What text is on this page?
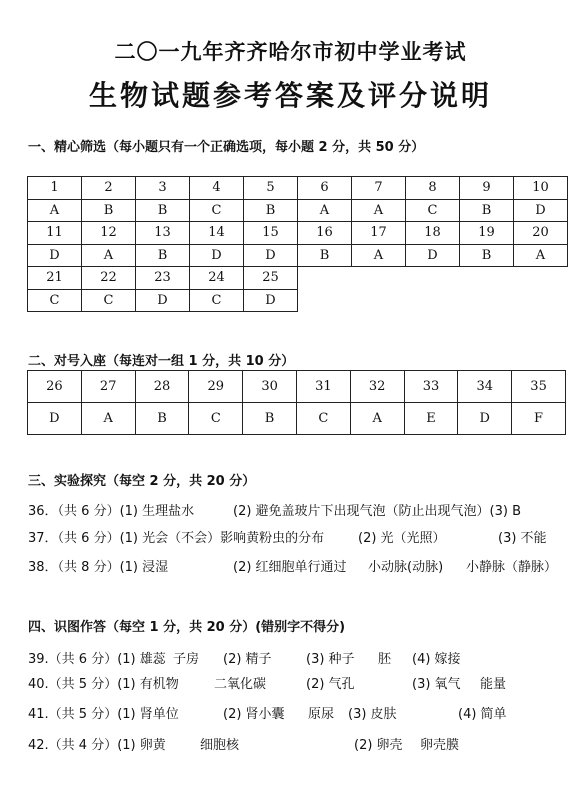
二〇一九年齐齐哈尔市初中学业考试
生物试题参考答案及评分说明
一、精心筛选（每小题只有一个正确选项，每小题 2 分，共 50 分）
1	2	3	4	5	6	7	8	9	10
A	B	B	C	B	A	A	C	B	D
11	12	13	14	15	16	17	18	19	20
D	A	B	D	D	B	A	D	B	A
21	22	23	24	25					
C	C	D	C	D					
二、对号入座（每连对一组 1 分，共 10 分）
26	27	28	29	30	31	32	33	34	35
D	A	B	C	B	C	A	E	D	F
三、实验探究（每空 2 分，共 20 分）
36．（共 6 分）(1) 生理盐水	(2) 避免盖玻片下出现气泡（防止出现气泡）(3) B
37．（共 6 分）(1) 光会（不会）影响黄粉虫的分布	(2) 光（光照）	(3) 不能
38．（共 8 分）(1) 浸湿	(2) 红细胞单行通过 小动脉(动脉) 小静脉（静脉）
四、识图作答（每空 1 分，共 20 分）(错别字不得分)
39.（共 6 分）(1) 雄蕊 子房 (2) 精子	(3) 种子 胚 (4) 嫁接
40.（共 5 分）(1) 有机物	二氧化碳	(2) 气孔	(3) 氧气 能量
41.（共 5 分）(1) 肾单位	(2) 肾小囊 原尿 (3) 皮肤	(4) 简单
42.（共 4 分）(1) 卵黄	细胞核	(2) 卵壳 卵壳膜
